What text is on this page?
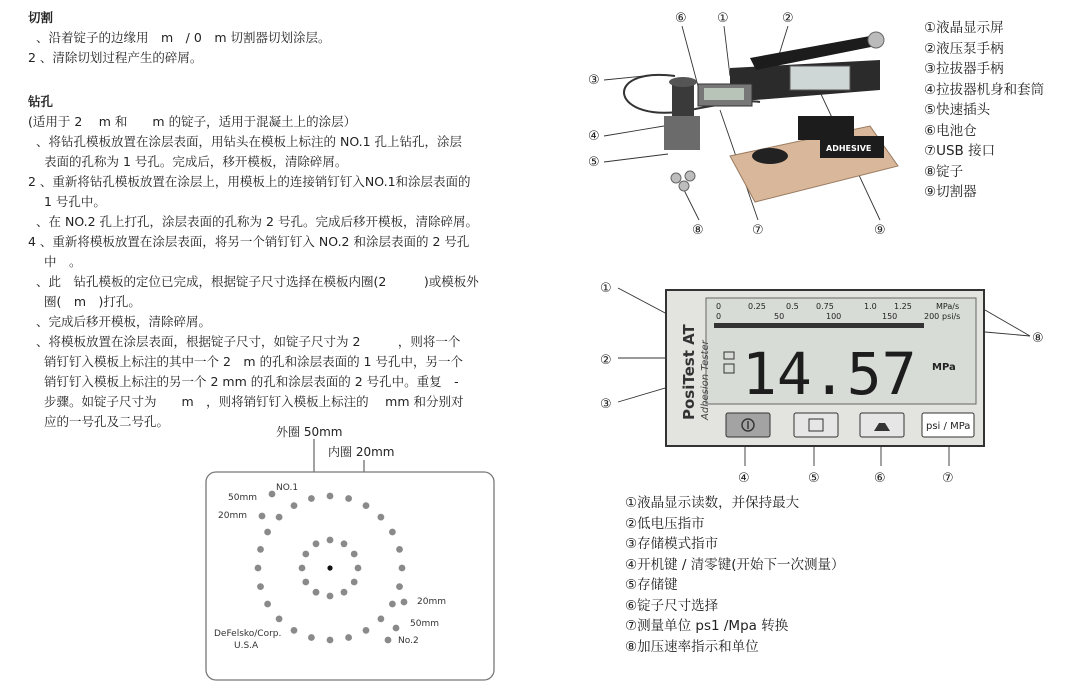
切割
、沿着锭子的边缘用　m　/ 0　m 切割器切划涂层。
2 、清除切划过程产生的碎屑。
钻孔
(适用于 2　 m 和　　m 的锭子，适用于混凝土上的涂层）
、将钻孔模板放置在涂层表面，用钻头在模板上标注的 NO.1 孔上钻孔，涂层
表面的孔称为 1 号孔。完成后，移开模板，清除碎屑。
2 、重新将钻孔模板放置在涂层上，用模板上的连接销钉钉入NO.1和涂层表面的
1 号孔中。
、在 NO.2 孔上打孔，涂层表面的孔称为 2 号孔。完成后移开模板，清除碎屑。
4 、重新将模板放置在涂层表面，将另一个销钉钉入 NO.2 和涂层表面的 2 号孔
中　。
、此　钻孔模板的定位已完成，根据锭子尺寸选择在模板内圈(2　　　)或模板外
圈(　m　)打孔。
、完成后移开模板，清除碎屑。
、将模板放置在涂层表面，根据锭子尺寸，如锭子尺寸为 2　　　，则将一个
销钉钉入模板上标注的其中一个 2　m 的孔和涂层表面的 1 号孔中，另一个
销钉钉入模板上标注的另一个 2 mm 的孔和涂层表面的 2 号孔中。重复　-
步骤。如锭子尺寸为　　m　，则将销钉钉入模板上标注的　 mm 和分别对
应的一号孔及二号孔。
外圈 50mm
内圈 20mm
50mm
20mm
NO.1
20mm
50mm
No.2
DeFelsko/Corp.
U.S.A
⑥ ①	②
③
④
⑤
⑧	⑦	⑨
ADHESIVE
①液晶显示屏
②液压泵手柄
③拉拔器手柄
④拉拔器机身和套筒
⑤快速插头
⑥电池仓
⑦USB 接口
⑧锭子
⑨切割器
①
②
③
④	⑤	⑥	⑦
⑧
0	0.25	0.5 0.75	1.0 1.25	MPa/s
0	50	100	150	200 psi/s
PosiTest AT Adhesion Tester 14.57 MPa
psi / MPa
①液晶显示读数，并保持最大
②低电压指市
③存储模式指市
④开机键 / 清零键(开始下一次测量）
⑤存储键
⑥锭子尺寸选择
⑦测量单位 ps1 /Mpa 转换
⑧加压速率指示和单位
